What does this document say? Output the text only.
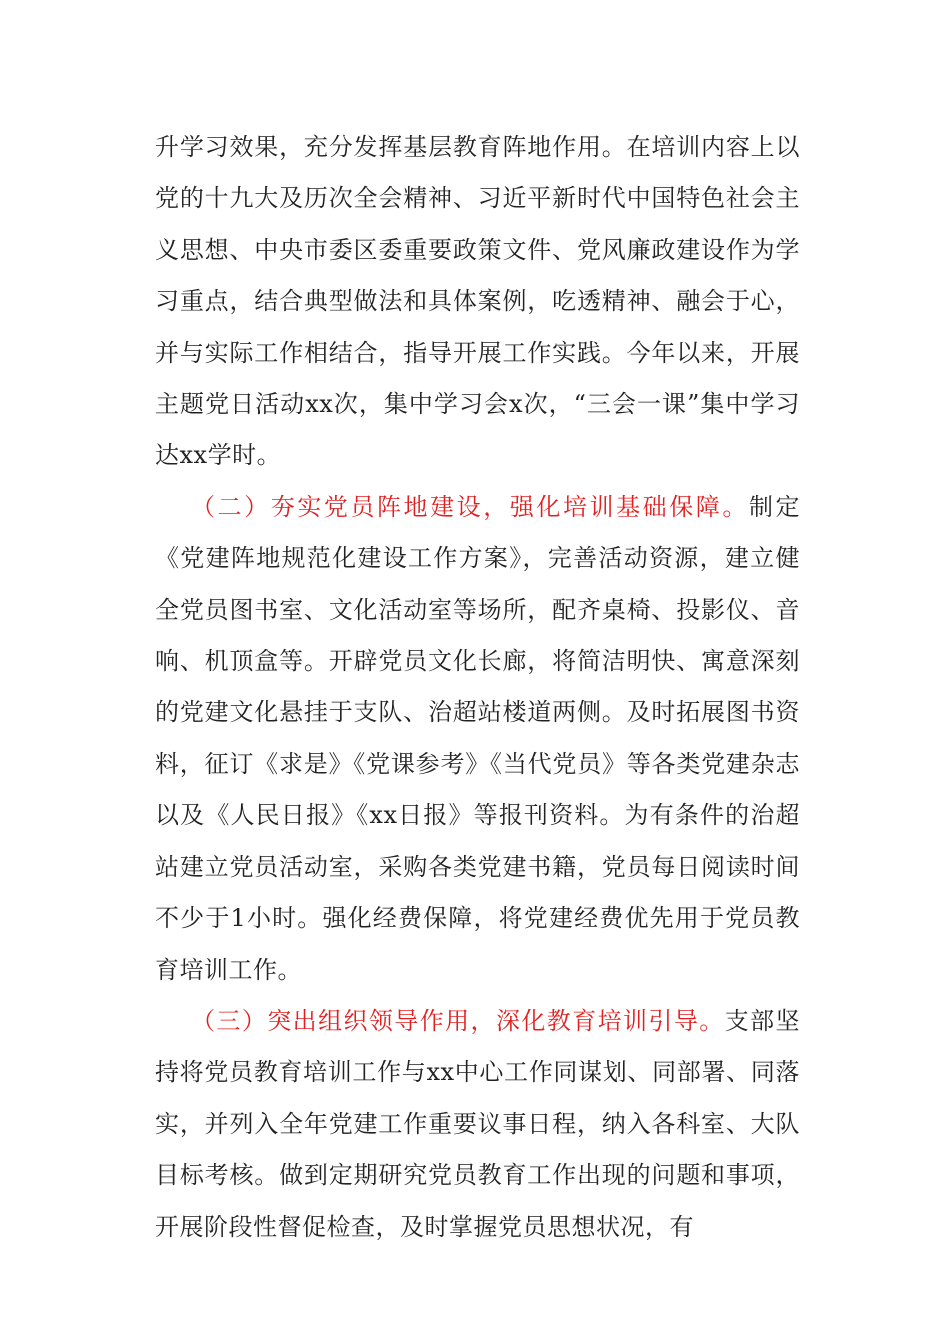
升学习效果，充分发挥基层教育阵地作用。在培训内容上以党的十九大及历次全会精神、习近平新时代中国特色社会主义思想、中央市委区委重要政策文件、党风廉政建设作为学习重点，结合典型做法和具体案例，吃透精神、融会于心，并与实际工作相结合，指导开展工作实践。今年以来，开展主题党日活动xx次，集中学习会x次，“三会一课”集中学习达xx学时。

（二）夯实党员阵地建设，强化培训基础保障。制定《党建阵地规范化建设工作方案》，完善活动资源，建立健全党员图书室、文化活动室等场所，配齐桌椅、投影仪、音响、机顶盒等。开辟党员文化长廊，将简洁明快、寓意深刻的党建文化悬挂于支队、治超站楼道两侧。及时拓展图书资料，征订《求是》《党课参考》《当代党员》等各类党建杂志以及《人民日报》《xx日报》等报刊资料。为有条件的治超站建立党员活动室，采购各类党建书籍，党员每日阅读时间不少于1小时。强化经费保障，将党建经费优先用于党员教育培训工作。

（三）突出组织领导作用，深化教育培训引导。支部坚持将党员教育培训工作与xx中心工作同谋划、同部署、同落实，并列入全年党建工作重要议事日程，纳入各科室、大队目标考核。做到定期研究党员教育工作出现的问题和事项，开展阶段性督促检查，及时掌握党员思想状况，有
